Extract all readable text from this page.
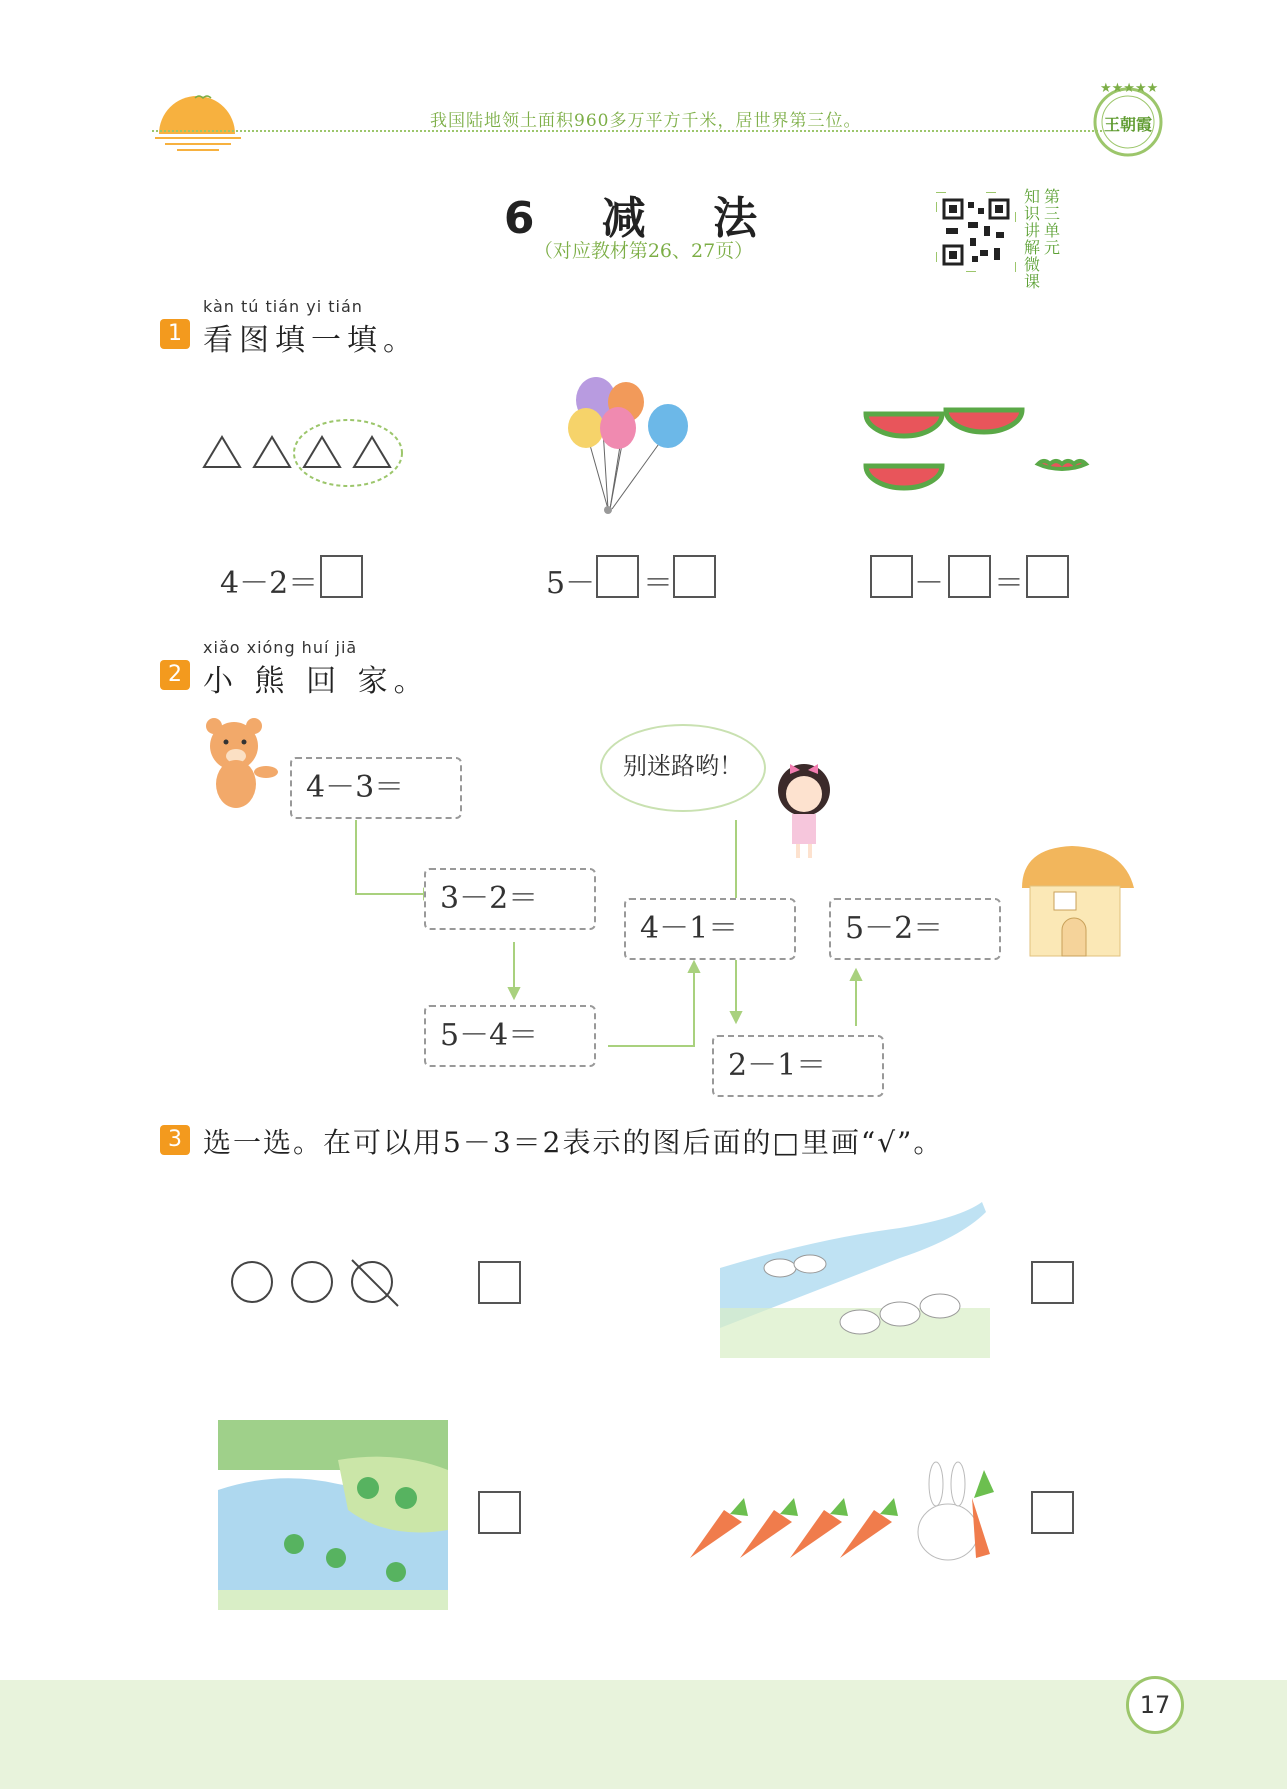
我国陆地领土面积960多万平方千米，居世界第三位。
★★★★★
王朝霞
6 减 法
（对应教材第26、27页）
知识讲解微课
第三单元
kàn tú tián yi tián
1 看图填一填。
4－2＝	5－ ＝	－ ＝
xiǎo xióng huí jiā
2 小 熊 回 家。
别迷路哟！
4－3＝
3－2＝
5－4＝
4－1＝
2－1＝
5－2＝
3 选一选。在可以用5－3＝2表示的图后面的□里画“√”。
17
